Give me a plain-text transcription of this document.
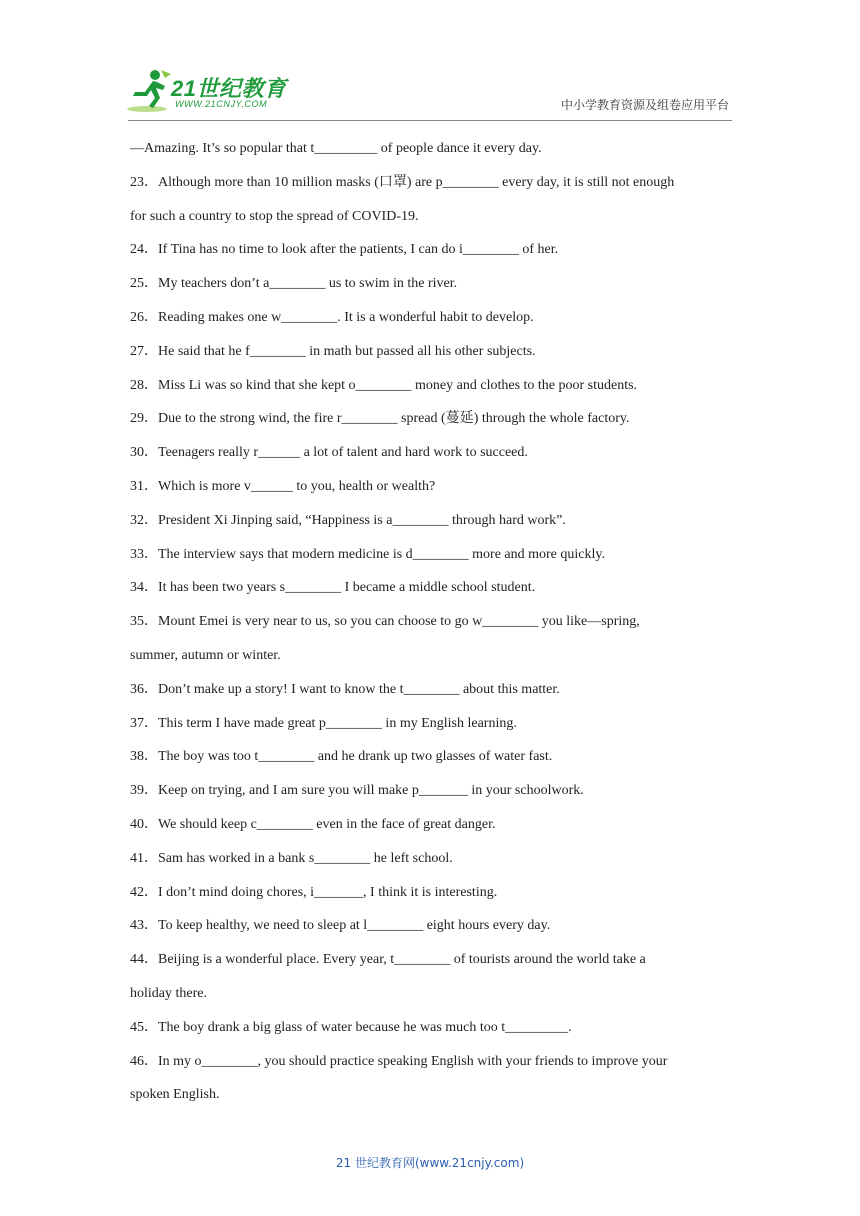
21世纪教育
WWW.21CNJY.COM	中小学教育资源及组卷应用平台
—Amazing. It’s so popular that t_________ of people dance it every day.
23．Although more than 10 million masks (口罩) are p________ every day, it is still not enough
for such a country to stop the spread of COVID-19.
24．If Tina has no time to look after the patients, I can do i________ of her.
25．My teachers don’t a________ us to swim in the river.
26．Reading makes one w________. It is a wonderful habit to develop.
27．He said that he f________ in math but passed all his other subjects.
28．Miss Li was so kind that she kept o________ money and clothes to the poor students.
29．Due to the strong wind, the fire r________ spread (蔓延) through the whole factory.
30．Teenagers really r______ a lot of talent and hard work to succeed.
31．Which is more v______ to you, health or wealth?
32．President Xi Jinping said, “Happiness is a________ through hard work”.
33．The interview says that modern medicine is d________ more and more quickly.
34．It has been two years s________ I became a middle school student.
35．Mount Emei is very near to us, so you can choose to go w________ you like—spring,
summer, autumn or winter.
36．Don’t make up a story! I want to know the t________ about this matter.
37．This term I have made great p________ in my English learning.
38．The boy was too t________ and he drank up two glasses of water fast.
39．Keep on trying, and I am sure you will make p_______ in your schoolwork.
40．We should keep c________ even in the face of great danger.
41．Sam has worked in a bank s________ he left school.
42．I don’t mind doing chores, i_______, I think it is interesting.
43．To keep healthy, we need to sleep at l________ eight hours every day.
44．Beijing is a wonderful place. Every year, t________ of tourists around the world take a
holiday there.
45．The boy drank a big glass of water because he was much too t_________.
46．In my o________, you should practice speaking English with your friends to improve your
spoken English.
21 世纪教育网(www.21cnjy.com)
